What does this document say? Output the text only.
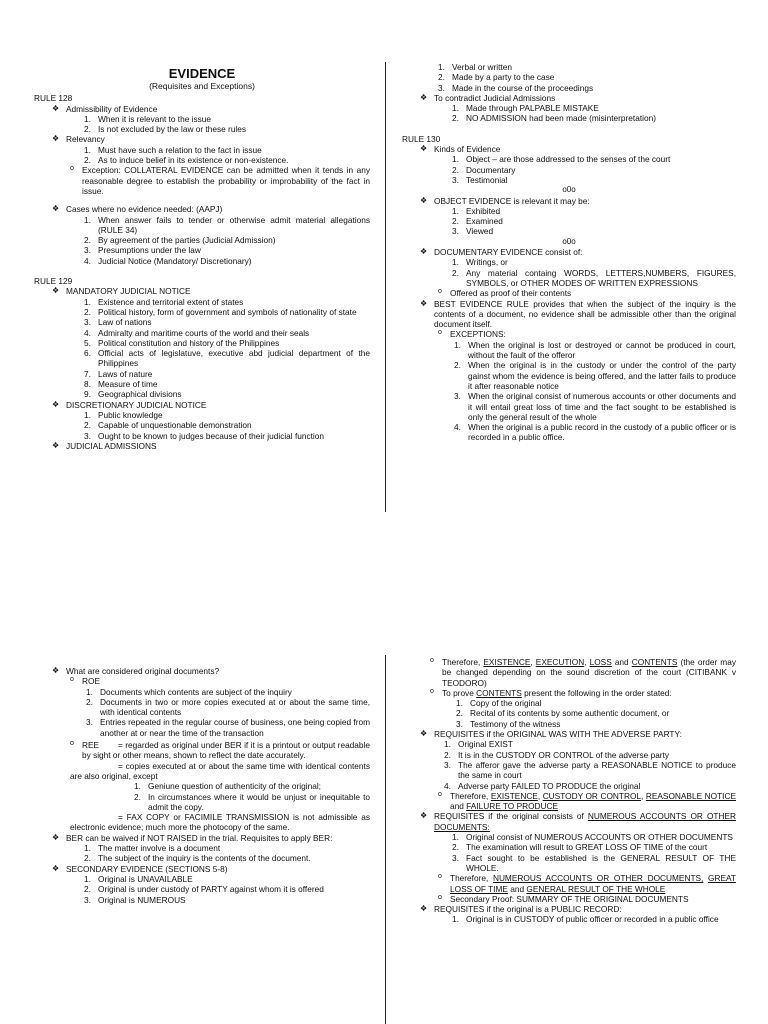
EVIDENCE
(Requisites and Exceptions)
RULE 128
❖ Admissibility of Evidence
1. When it is relevant to the issue
2. Is not excluded by the law or these rules
❖ Relevancy
1. Must have such a relation to the fact in issue
2. As to induce belief in its existence or non-existence.
o Exception: COLLATERAL EVIDENCE can be admitted when it tends in any reasonable degree to establish the probability or improbability of the fact in issue.
❖ Cases where no evidence needed: (AAPJ)
1. When answer fails to tender or otherwise admit material allegations (RULE 34)
2. By agreement of the parties (Judicial Admission)
3. Presumptions under the law
4. Judicial Notice (Mandatory/ Discretionary)
RULE 129
❖ MANDATORY JUDICIAL NOTICE
1. Existence and territorial extent of states
2. Political history, form of government and symbols of nationality of state
3. Law of nations
4. Admiralty and maritime courts of the world and their seals
5. Political constitution and history of the Philippines
6. Official acts of legislatuve, executive abd judicial department of the Philippines
7. Laws of nature
8. Measure of time
9. Geographical divisions
❖ DISCRETIONARY JUDICIAL NOTICE
1. Public knowledge
2. Capable of unquestionable demonstration
3. Ought to be known to judges because of their judicial function
❖ JUDICIAL ADMISSIONS
1. Verbal or written
2. Made by a party to the case
3. Made in the course of the proceedings
❖ To contradict Judicial Admissions
1. Made through PALPABLE MISTAKE
2. NO ADMISSION had been made (misinterpretation)
RULE 130
❖ Kinds of Evidence
1. Object – are those addressed to the senses of the court
2. Documentary
3. Testimonial
o0o
❖ OBJECT EVIDENCE is relevant it may be:
1. Exhibited
2. Examined
3. Viewed
o0o
❖ DOCUMENTARY EVIDENCE consist of:
1. Writings, or
2. Any material containg WORDS, LETTERS,NUMBERS, FIGURES, SYMBOLS, or OTHER MODES OF WRITTEN EXPRESSIONS
o Offered as proof of their contents
❖ BEST EVIDENCE RULE provides that when the subject of the inquiry is the contents of a document, no evidence shall be admissible other than the original document itself.
o EXCEPTIONS:
1. When the original is lost or destroyed or cannot be produced in court, without the fault of the offeror
2. When the original is in the custody or under the control of the party gainst whom the evidence is being offered, and the latter fails to produce it after reasonable notice
3. When the original consist of numerous accounts or other documents and it will entail great loss of time and the fact sought to be established is only the general result of the whole
4. When the original is a public record in the custody of a public officer or is recorded in a public office.
❖ What are considered original documents?
o ROE
1. Documents which contents are subject of the inquiry
2. Documents in two or more copies executed at or about the same time, with identical contents
3. Entries repeated in the regular course of business, one being copied from another at or near the time of the transaction
o REE = regarded as original under BER if it is a printout or output readable by sight or other means, shown to reflect the date accurately.
= copies executed at or about the same time with identical contents are also original, except
1. Geniune question of authenticity of the original;
2. In circumstances where it would be unjust or inequitable to admit the copy.
= FAX COPY or FACIMILE TRANSMISSION is not admissible as electronic evidence; much more the photocopy of the same.
❖ BER can be waived if NOT RAISED in the trial. Requisites to apply BER:
1. The matter involve is a document
2. The subject of the inquiry is the contents of the document.
❖ SECONDARY EVIDENCE (SECTIONS 5-8)
1. Original is UNAVAILABLE
2. Original is under custody of PARTY against whom it is offered
3. Original is NUMEROUS
o Therefore, EXISTENCE, EXECUTION, LOSS and CONTENTS (the order may be changed depending on the sound discretion of the court (CITIBANK v TEODORO)
o To prove CONTENTS present the following in the order stated:
1. Copy of the original
2. Recital of its contents by some authentic document, or
3. Testimony of the witness
❖ REQUISITES if the ORIGINAL WAS WITH THE ADVERSE PARTY:
1. Original EXIST
2. It is in the CUSTODY OR CONTROL of the adverse party
3. The afferor gave the adverse party a REASONABLE NOTICE to produce the same in court
4. Adverse party FAILED TO PRODUCE the original
o Therefore, EXISTENCE, CUSTODY OR CONTROL, REASONABLE NOTICE and FAILURE TO PRODUCE
❖ REQUISITES if the original consists of NUMEROUS ACCOUNTS OR OTHER DOCUMENTS:
1. Original consist of NUMEROUS ACCOUNTS OR OTHER DOCUMENTS
2. The examination will result to GREAT LOSS OF TIME of the court
3. Fact sought to be established is the GENERAL RESULT OF THE WHOLE.
o Therefore, NUMEROUS ACCOUNTS OR OTHER DOCUMENTS, GREAT LOSS OF TIME and GENERAL RESULT OF THE WHOLE
o Secondary Proof: SUMMARY OF THE ORIGINAL DOCUMENTS
❖ REQUISITES if the original is a PUBLIC RECORD:
1. Original is in CUSTODY of public officer or recorded in a public office
